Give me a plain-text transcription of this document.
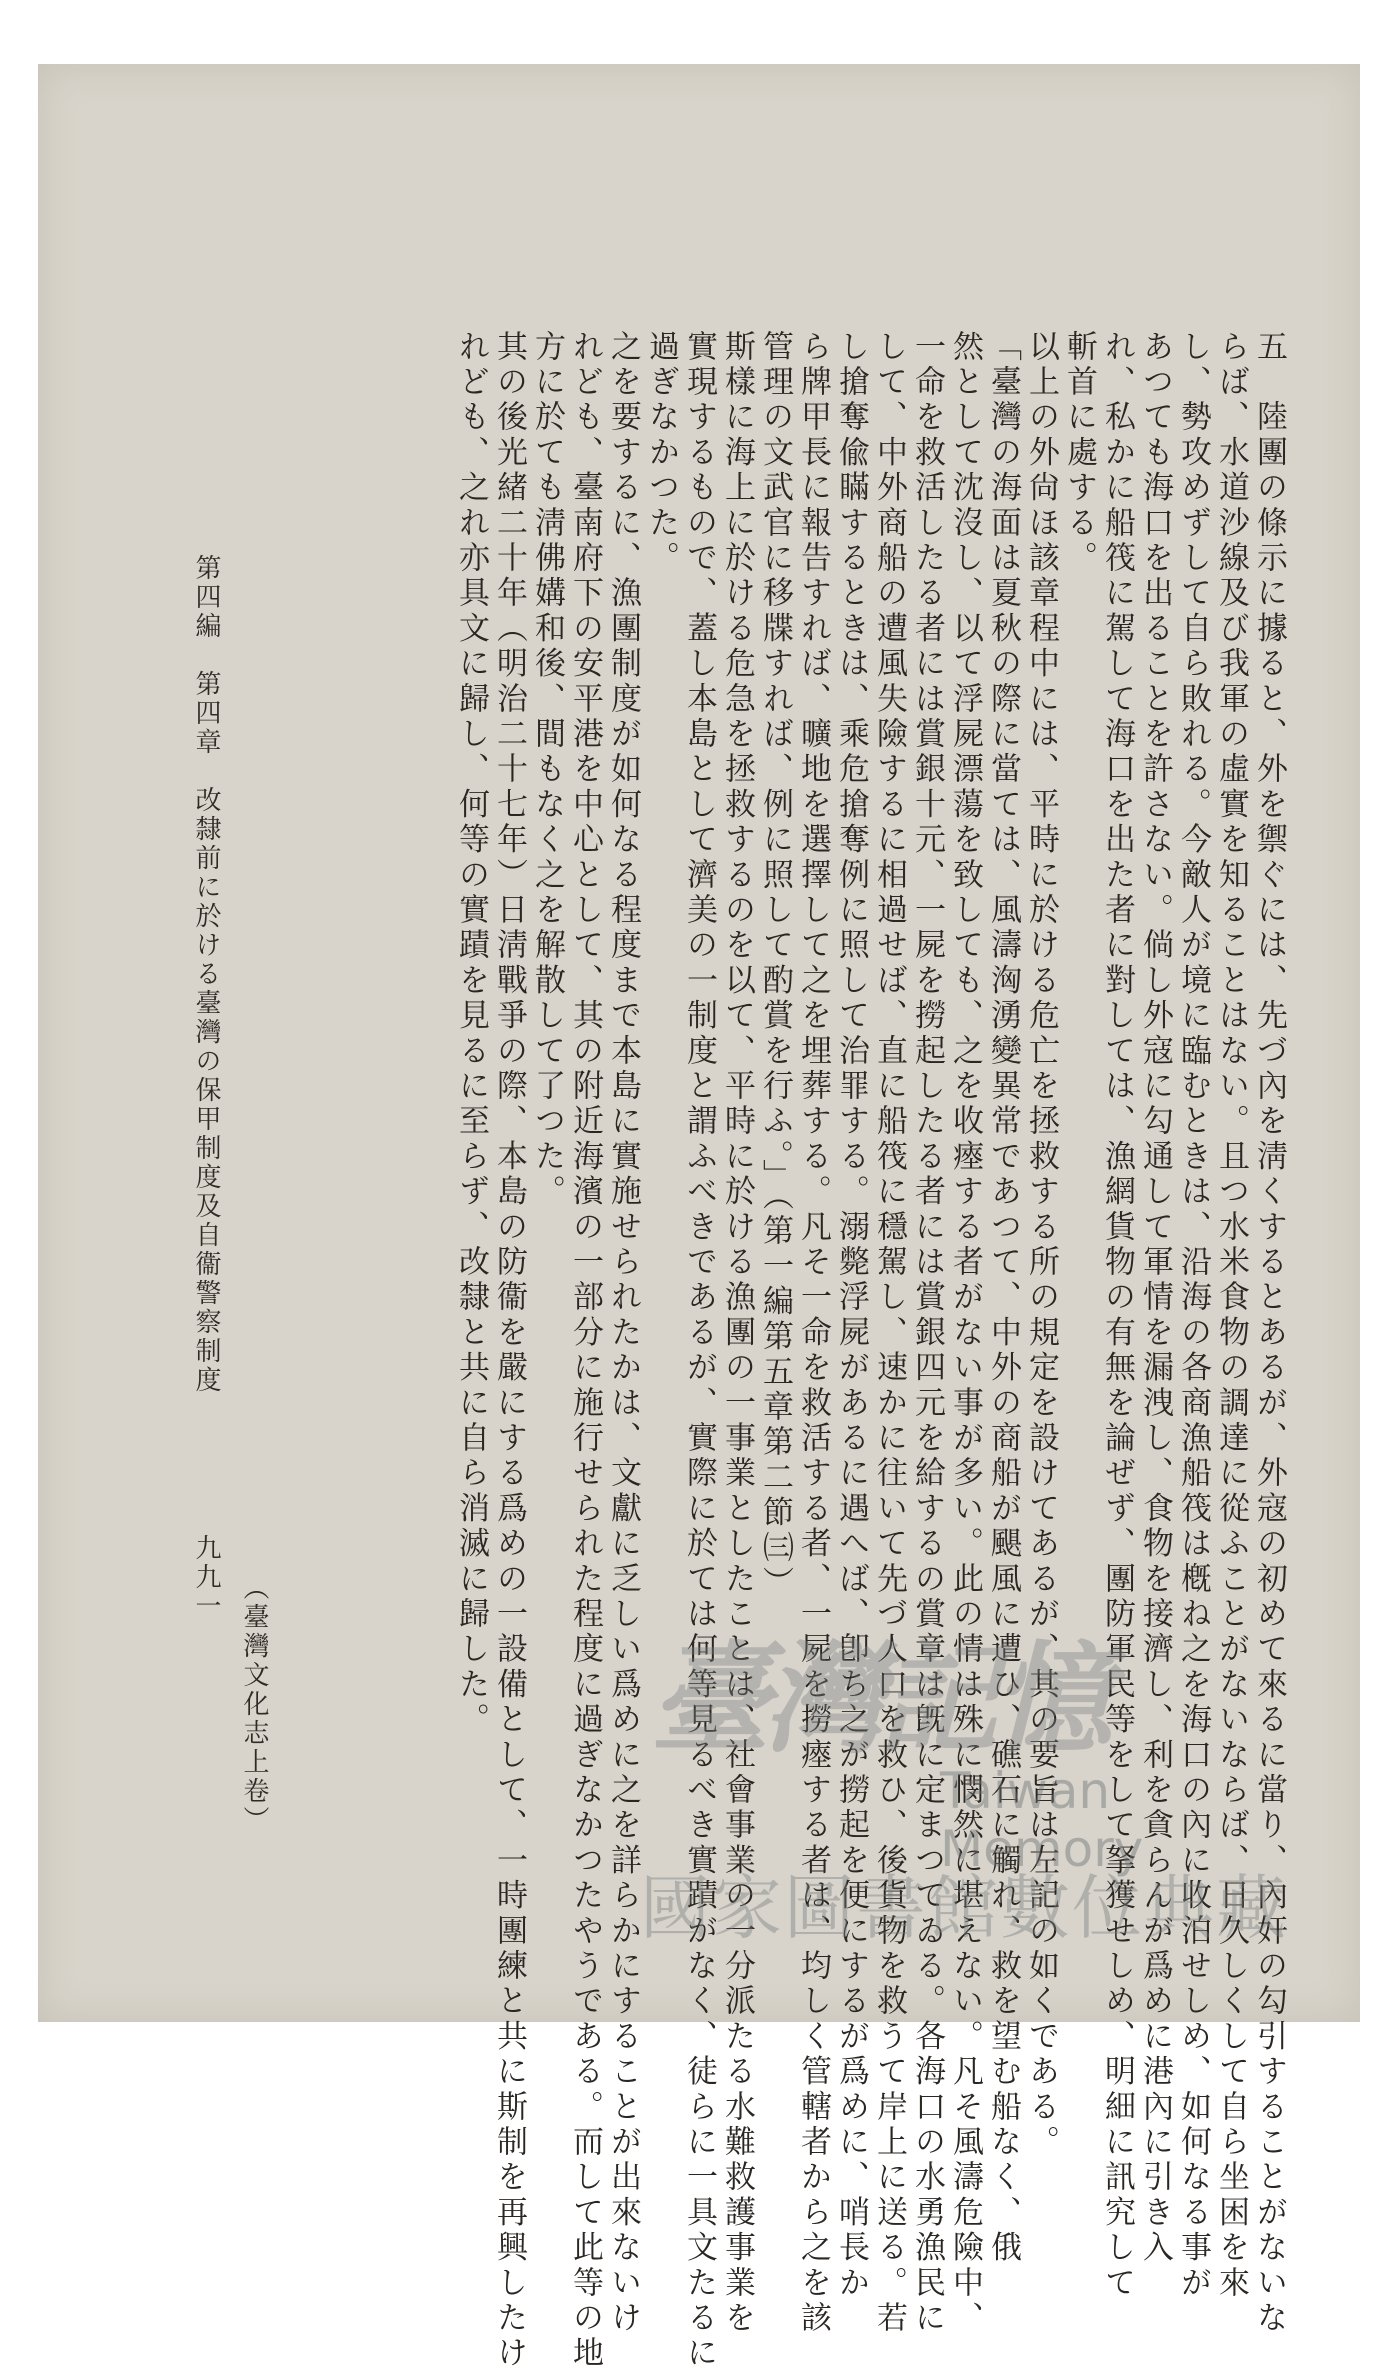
五　陸團の條示に據ると、外を禦ぐには、先づ內を淸くするとあるが、外寇の初めて來るに當り、內奸の勾引することがないな
らば、水道沙線及び我軍の虛實を知ることはない。且つ水米食物の調達に從ふことがないならば、日久しくして自ら坐困を來
し、勢攻めずして自ら敗れる。今敵人が境に臨むときは、沿海の各商漁船筏は槪ね之を海口の內に收泊せしめ、如何なる事が
あつても海口を出ることを許さない。倘し外寇に勾通して軍情を漏洩し、食物を接濟し、利を貪らんが爲めに港內に引き入
れ、私かに船筏に駕して海口を出た者に對しては、漁網貨物の有無を論ぜず、團防軍民等をして拏獲せしめ、明細に訊究して
斬首に處する。
以上の外尙ほ該章程中には、平時に於ける危亡を拯救する所の規定を設けてあるが、其の要旨は左記の如くである。
「臺灣の海面は夏秋の際に當ては、風濤洶湧變異常であつて、中外の商船が颶風に遭ひ、礁石に觸れ、救を望む船なく、俄
然として沈沒し、以て浮屍漂蕩を致しても、之を收瘞する者がない事が多い。此の情は殊に憫然に堪えない。凡そ風濤危險中、
一命を救活したる者には賞銀十元、一屍を撈起したる者には賞銀四元を給するの賞章は旣に定まつてゐる。各海口の水勇漁民に
して、中外商船の遭風失險するに相過せば、直に船筏に穩駕し、速かに往いて先づ人口を救ひ、後貨物を救うて岸上に送る。若
し搶奪偸瞞するときは、乘危搶奪例に照して治罪する。溺斃浮屍があるに遇へば、卽ち之が撈起を便にするが爲めに、哨長か
ら牌甲長に報告すれば、曠地を選擇して之を埋葬する。凡そ一命を救活する者、一屍を撈瘞する者は、均しく管轄者から之を該
管理の文武官に移牒すれば、例に照して酌賞を行ふ。」（第一編第五章第二節㈢）
斯樣に海上に於ける危急を拯救するのを以て、平時に於ける漁團の一事業としたことは、社會事業の一分派たる水難救護事業を
實現するもので、蓋し本島として濟美の一制度と謂ふべきであるが、實際に於ては何等見るべき實蹟がなく、徒らに一具文たるに
過ぎなかつた。
之を要するに、漁團制度が如何なる程度まで本島に實施せられたかは、文獻に乏しい爲めに之を詳らかにすることが出來ないけ
れども、臺南府下の安平港を中心として、其の附近海濱の一部分に施行せられた程度に過ぎなかつたやうである。而して此等の地
方に於ても淸佛媾和後、間もなく之を解散して了つた。
其の後光緒二十年（明治二十七年）日淸戰爭の際、本島の防衞を嚴にする爲めの一設備として、一時團練と共に斯制を再興したけ
れども、之れ亦具文に歸し、何等の實蹟を見るに至らず、改隸と共に自ら消滅に歸した。
第四編　第四章　改隸前に於ける臺灣の保甲制度及自衞警察制度
九九一 （臺灣文化志上卷）	臺灣記憶
Taiwan Memory
國家圖書館數位典藏
